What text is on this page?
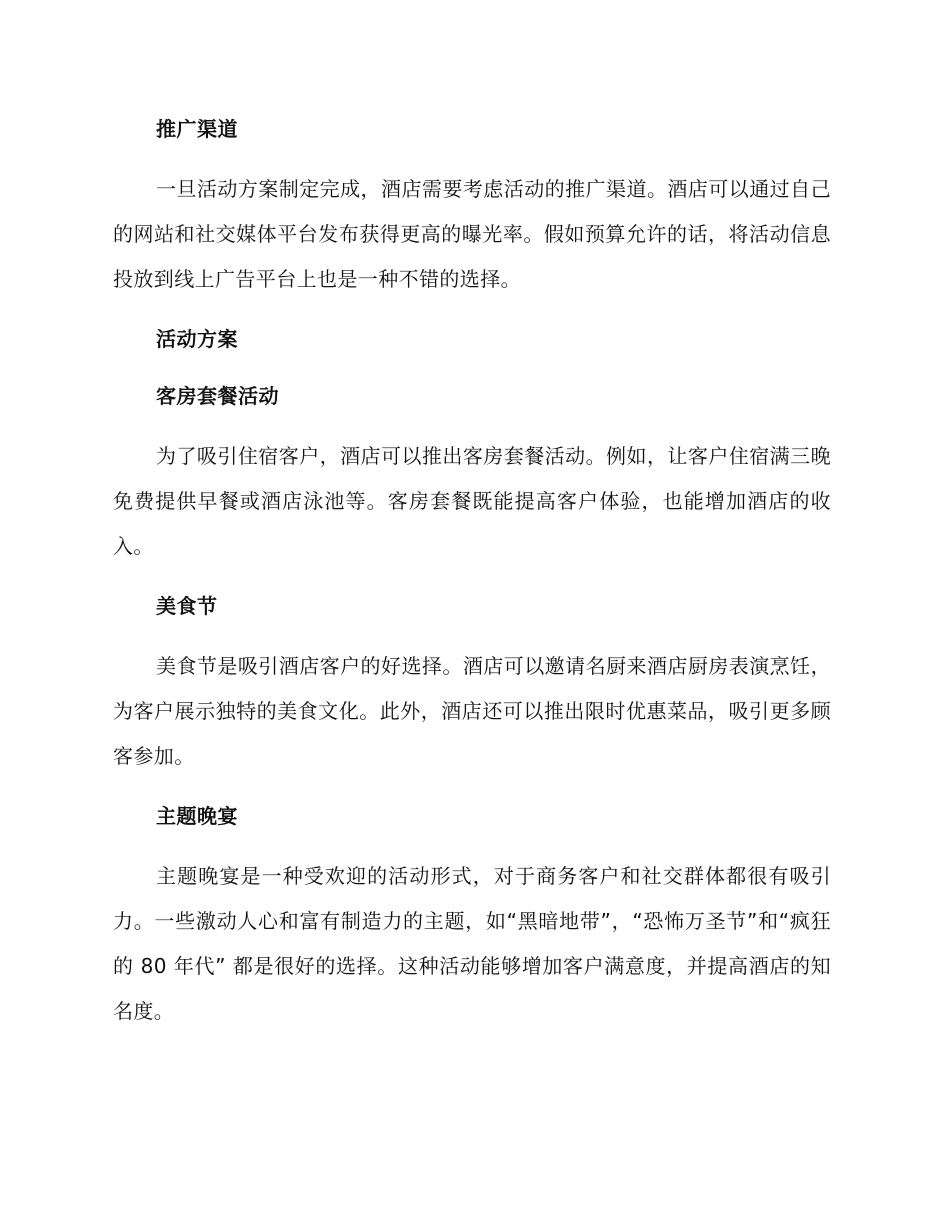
推广渠道

一旦活动方案制定完成，酒店需要考虑活动的推广渠道。酒店可以通过自己的网站和社交媒体平台发布获得更高的曝光率。假如预算允许的话，将活动信息投放到线上广告平台上也是一种不错的选择。

活动方案
客房套餐活动

为了吸引住宿客户，酒店可以推出客房套餐活动。例如，让客户住宿满三晚免费提供早餐或酒店泳池等。客房套餐既能提高客户体验，也能增加酒店的收入。

美食节

美食节是吸引酒店客户的好选择。酒店可以邀请名厨来酒店厨房表演烹饪，为客户展示独特的美食文化。此外，酒店还可以推出限时优惠菜品，吸引更多顾客参加。

主题晚宴

主题晚宴是一种受欢迎的活动形式，对于商务客户和社交群体都很有吸引力。一些激动人心和富有制造力的主题，如“黑暗地带”，“恐怖万圣节”和“疯狂的 80 年代” 都是很好的选择。这种活动能够增加客户满意度，并提高酒店的知名度。
